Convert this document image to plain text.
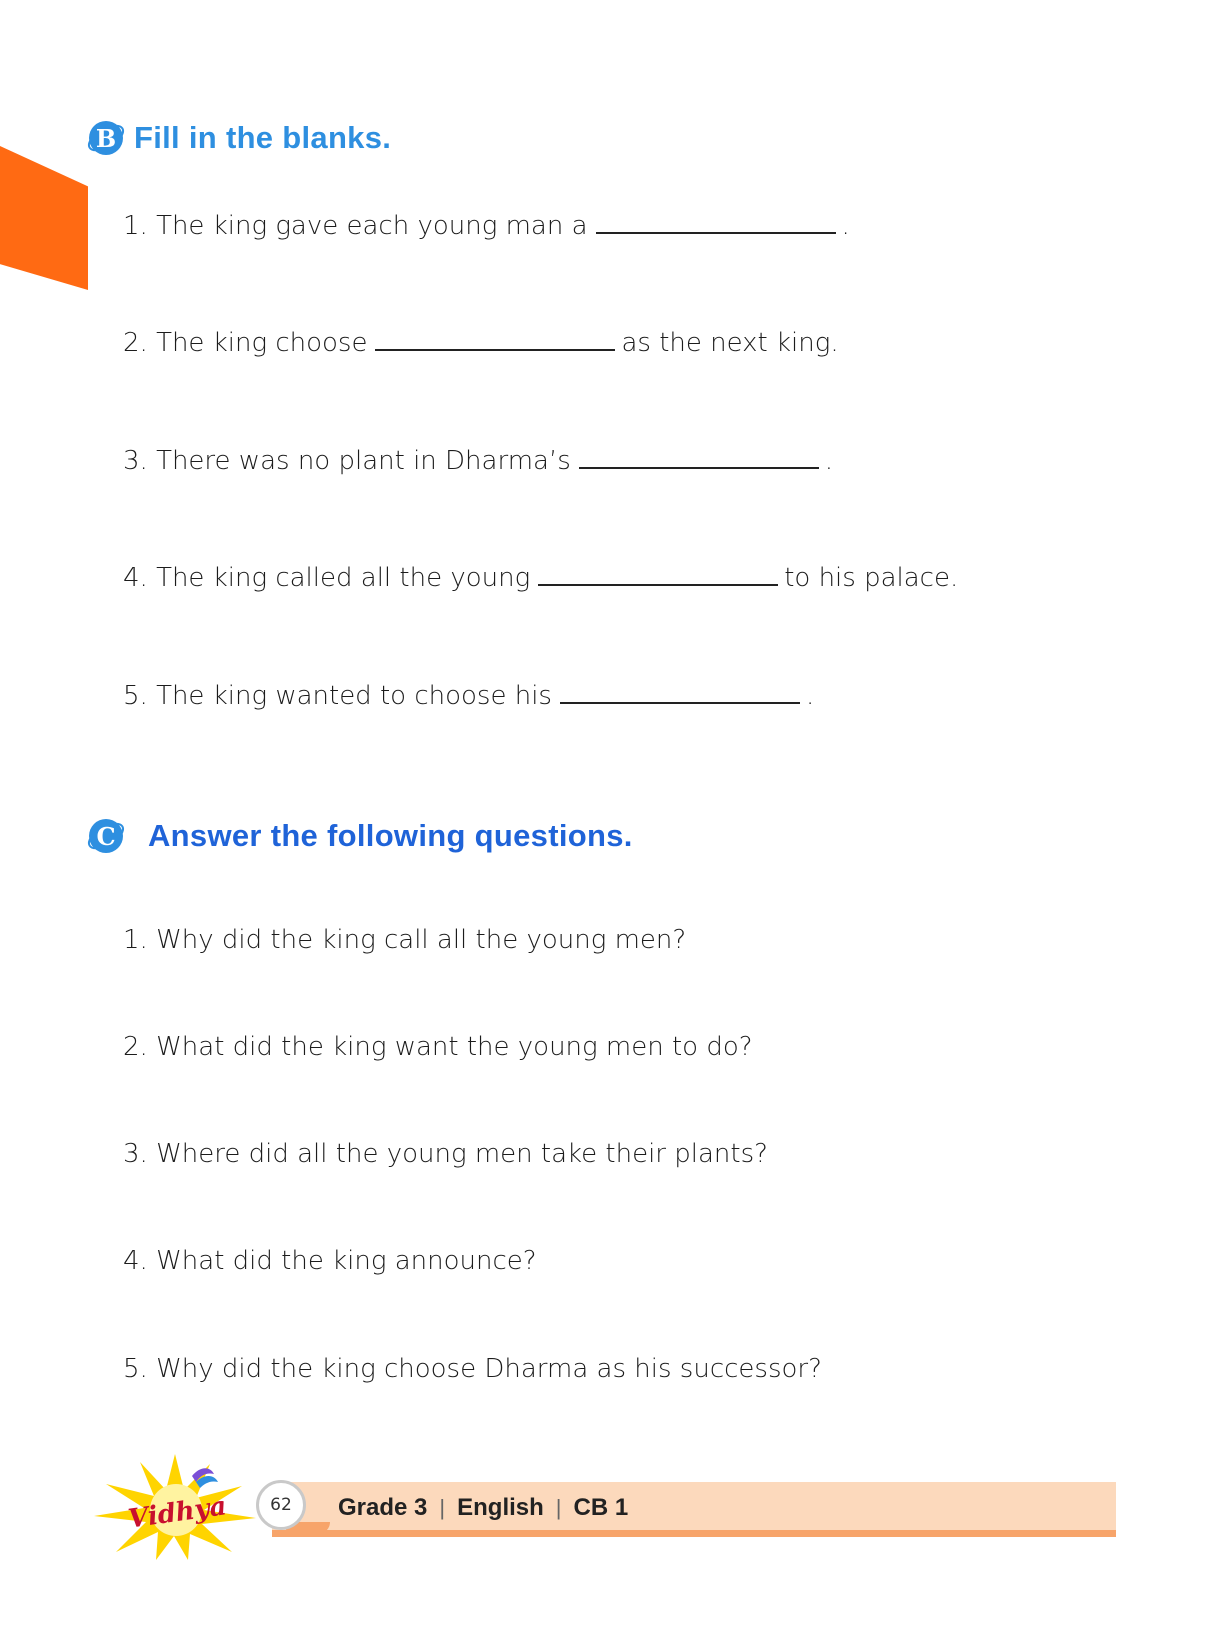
B Fill in the blanks.
1. The king gave each young man a	.
2. The king choose	as the next king.
3. There was no plant in Dharma’s	.
4. The king called all the young	to his palace.
5. The king wanted to choose his	.
C	Answer the following questions.
1. Why did the king call all the young men?
2. What did the king want the young men to do?
3. Where did all the young men take their plants?
4. What did the king announce?
5. Why did the king choose Dharma as his successor?
Vidhya	62	Grade 3 | English | CB 1
